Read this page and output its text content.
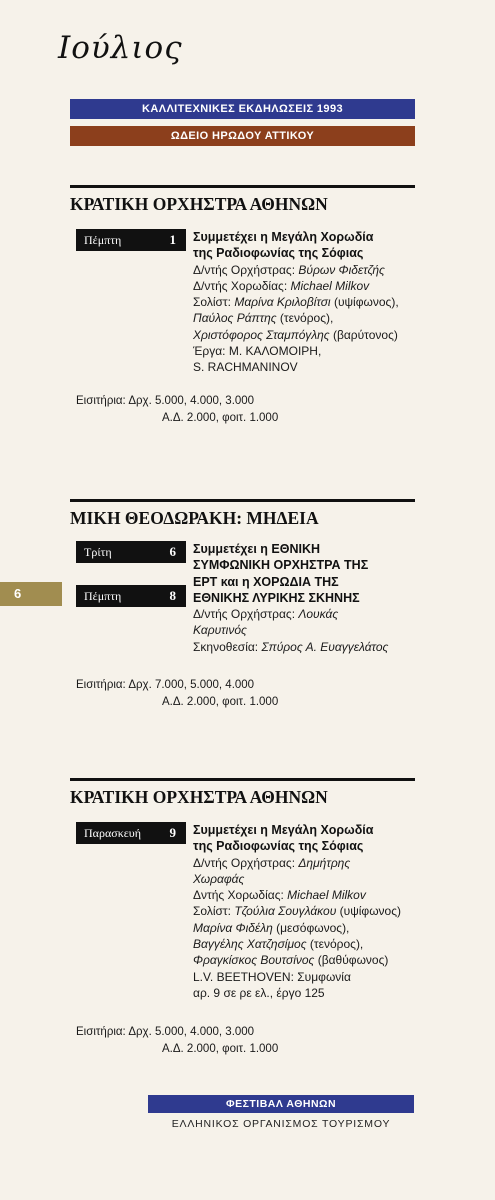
Ιούλιος
ΚΑΛΛΙΤΕΧΝΙΚΕΣ ΕΚΔΗΛΩΣΕΙΣ 1993
ΩΔΕΙΟ ΗΡΩΔΟΥ ΑΤΤΙΚΟΥ
ΚΡΑΤΙΚΗ ΟΡΧΗΣΤΡΑ ΑΘΗΝΩΝ
Πέμπτη	1 Συμμετέχει η Μεγάλη Χορωδία
της Ραδιοφωνίας της Σόφιας
Δ/ντής Ορχήστρας: Βύρων Φιδετζής
Δ/ντής Χορωδίας: Michael Milkov
Σολίστ: Μαρίνα Κριλοβίτσι (υψίφωνος),
Παύλος Ράπτης (τενόρος),
Χριστόφορος Σταμπόγλης (βαρύτονος)
Έργα: Μ. ΚΑΛΟΜΟΙΡΗ,
S. RACHMANINOV
Εισιτήρια: Δρχ. 5.000, 4.000, 3.000
Α.Δ. 2.000, φοιτ. 1.000
ΜΙΚΗ ΘΕΟΔΩΡΑΚΗ: ΜΗΔΕΙΑ
Τρίτη	6
Πέμπτη	8
Συμμετέχει η ΕΘΝΙΚΗ
ΣΥΜΦΩΝΙΚΗ ΟΡΧΗΣΤΡΑ ΤΗΣ
ΕΡΤ και η ΧΟΡΩΔΙΑ ΤΗΣ
ΕΘΝΙΚΗΣ ΛΥΡΙΚΗΣ ΣΚΗΝΗΣ
Δ/ντής Ορχήστρας: Λουκάς
Καρυτινός
Σκηνοθεσία: Σπύρος Α. Ευαγγελάτος
Εισιτήρια: Δρχ. 7.000, 5.000, 4.000
Α.Δ. 2.000, φοιτ. 1.000
6
ΚΡΑΤΙΚΗ ΟΡΧΗΣΤΡΑ ΑΘΗΝΩΝ
Παρασκευή 9 Συμμετέχει η Μεγάλη Χορωδία
της Ραδιοφωνίας της Σόφιας
Δ/ντής Ορχήστρας: Δημήτρης
Χωραφάς
Δντής Χορωδίας: Michael Milkov
Σολίστ: Τζούλια Σουγλάκου (υψίφωνος)
Μαρίνα Φιδέλη (μεσόφωνος),
Βαγγέλης Χατζησίμος (τενόρος),
Φραγκίσκος Βουτσίνος (βαθύφωνος)
L.V. BEETHOVEN: Συμφωνία
αρ. 9 σε ρε ελ., έργο 125
Εισιτήρια: Δρχ. 5.000, 4.000, 3.000
Α.Δ. 2.000, φοιτ. 1.000
ΦΕΣΤΙΒΑΛ ΑΘΗΝΩΝ
ΕΛΛΗΝΙΚΟΣ ΟΡΓΑΝΙΣΜΟΣ ΤΟΥΡΙΣΜΟΥ
